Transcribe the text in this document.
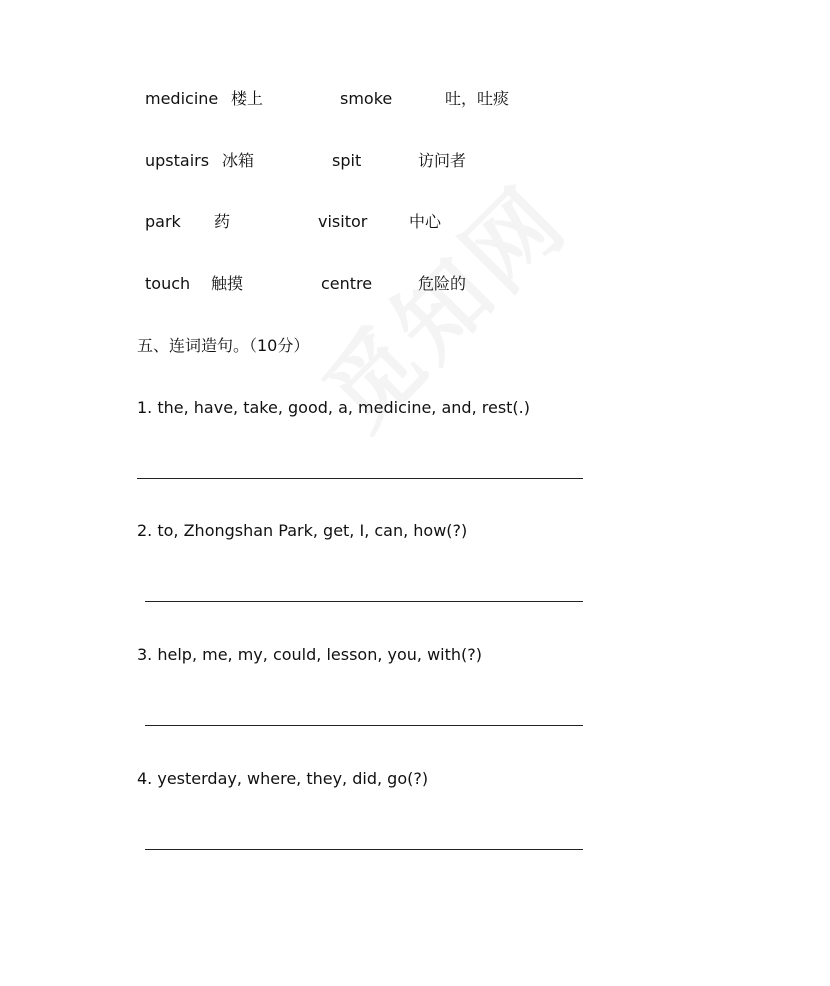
medicine 楼上	smoke	吐，吐痰
upstairs 冰箱	spit	访问者
park 药	visitor	中心
touch 触摸	centre	危险的
五、连词造句。（10分）
1. the, have, take, good, a, medicine, and, rest(.)
2. to, Zhongshan Park, get, I, can, how(?)
3. help, me, my, could, lesson, you, with(?)
4. yesterday, where, they, did, go(?)
